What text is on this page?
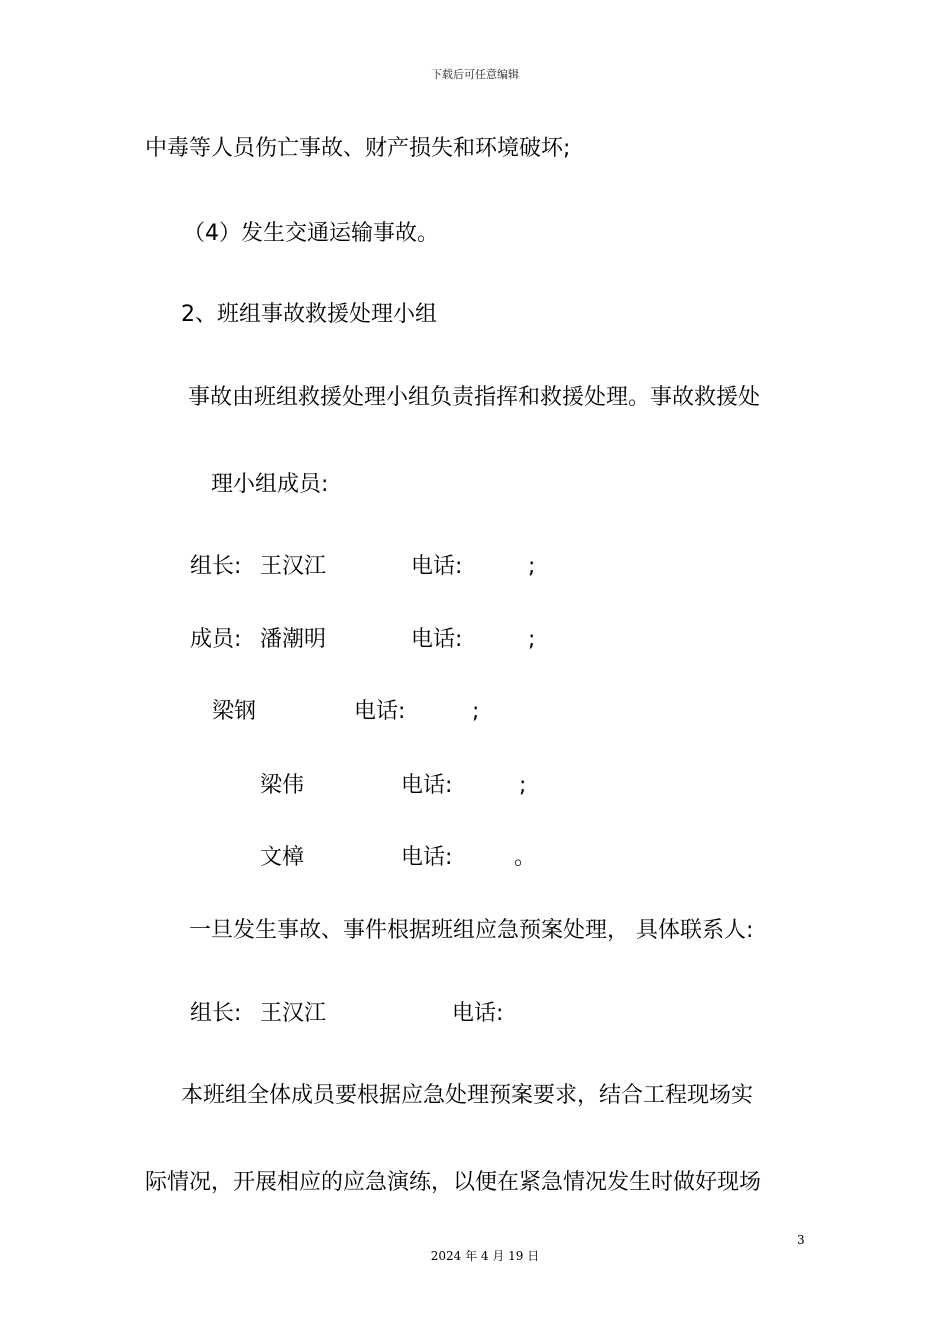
下载后可任意编辑
中毒等人员伤亡事故、财产损失和环境破坏;
（4）发生交通运输事故。
2、班组事故救援处理小组
事故由班组救援处理小组负责指挥和救援处理。事故救援处
理小组成员:
组长: 王汉江	电话:	;
成员: 潘潮明	电话:	;
梁钢	电话:	;
梁伟	电话:	;
文樟	电话:	。
一旦发生事故、事件根据班组应急预案处理， 具体联系人:
组长: 王汉江	电话:
本班组全体成员要根据应急处理预案要求，结合工程现场实
际情况，开展相应的应急演练，以便在紧急情况发生时做好现场
3
2024 年 4 月 19 日
